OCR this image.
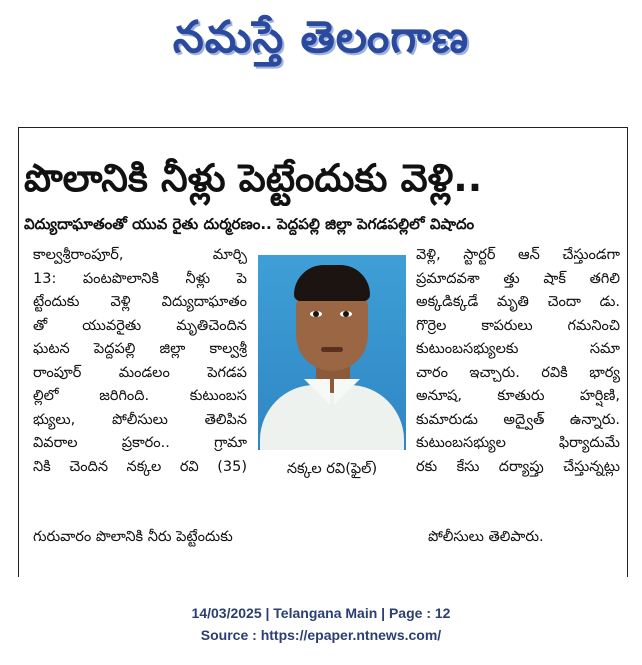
నమస్తే తెలంగాణ
పొలానికి నీళ్లు పెట్టేందుకు వెళ్లి..
విద్యుదాఘాతంతో యువ రైతు దుర్మరణం.. పెద్దపల్లి జిల్లా పెగడపల్లిలో విషాదం

కాల్వశ్రీరాంపూర్, మార్చి

13: పంటపొలానికి నీళ్లు పె

ట్టేందుకు వెళ్లి విద్యుదాఘాతం

తో యువరైతు మృతిచెందిన

ఘటన పెద్దపల్లి జిల్లా కాల్వశ్రీ

రాంపూర్ మండలం పెగడప

ల్లిలో జరిగింది. కుటుంబస

భ్యులు, పోలీసులు తెలిపిన

వివరాల ప్రకారం.. గ్రామా

నికి చెందిన నక్కల రవి (35)	నక్కల రవి(ఫైల్)

వెళ్లి, స్టార్టర్ ఆన్ చేస్తుండగా

ప్రమాదవశా త్తు షాక్ తగిలి

అక్కడిక్కడే మృతి చెందా డు.

గొర్రెల కాపరులు గమనించి

కుటుంబసభ్యులకు సమా

చారం ఇచ్చారు. రవికి భార్య

అనూష, కూతురు హర్షిణి,

కుమారుడు అద్వైత్ ఉన్నారు.

కుటుంబసభ్యుల ఫిర్యాదుమే

రకు కేసు దర్యాప్తు చేస్తున్నట్లు

గురువారం పొలానికి నీరు పెట్టేందుకు	పోలీసులు తెలిపారు.
14/03/2025 | Telangana Main | Page : 12
Source : https://epaper.ntnews.com/
